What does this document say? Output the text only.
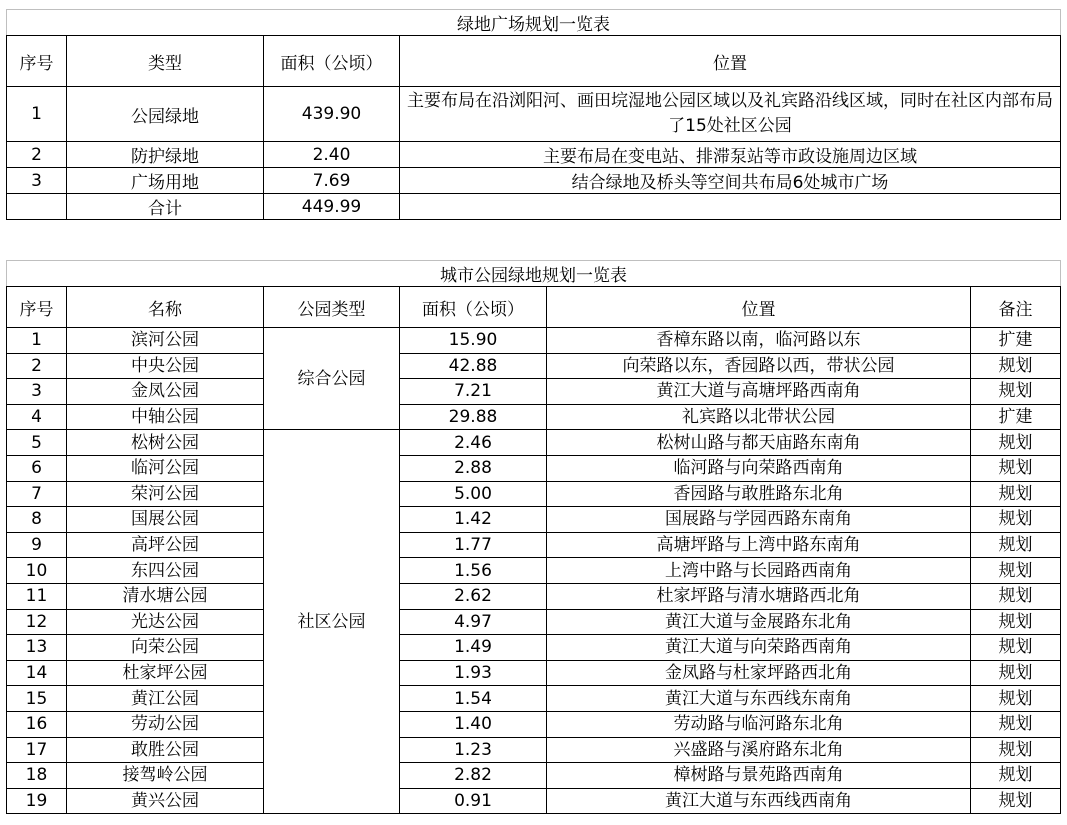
绿地广场规划一览表			
序号	类型	面积（公顷）	位置
1	公园绿地	439.90	主要布局在沿浏阳河、画田垸湿地公园区域以及礼宾路沿线区域，同时在社区内部布局了15处社区公园
2	防护绿地	2.40	主要布局在变电站、排滞泵站等市政设施周边区域
3	广场用地	7.69	结合绿地及桥头等空间共布局6处城市广场
	合计	449.99	
城市公园绿地规划一览表					
序号	名称	公园类型	面积（公顷）	位置	备注
1	滨河公园	综合公园	15.90	香樟东路以南，临河路以东	扩建
2	中央公园		42.88	向荣路以东，香园路以西，带状公园	规划
3	金凤公园		7.21	黄江大道与高塘坪路西南角	规划
4	中轴公园		29.88	礼宾路以北带状公园	扩建
5	松树公园	社区公园	2.46	松树山路与都天庙路东南角	规划
6	临河公园		2.88	临河路与向荣路西南角	规划
7	荣河公园		5.00	香园路与敢胜路东北角	规划
8	国展公园		1.42	国展路与学园西路东南角	规划
9	高坪公园		1.77	高塘坪路与上湾中路东南角	规划
10	东四公园		1.56	上湾中路与长园路西南角	规划
11	清水塘公园		2.62	杜家坪路与清水塘路西北角	规划
12	光达公园		4.97	黄江大道与金展路东北角	规划
13	向荣公园		1.49	黄江大道与向荣路西南角	规划
14	杜家坪公园		1.93	金凤路与杜家坪路西北角	规划
15	黄江公园		1.54	黄江大道与东西线东南角	规划
16	劳动公园		1.40	劳动路与临河路东北角	规划
17	敢胜公园		1.23	兴盛路与溪府路东北角	规划
18	接驾岭公园		2.82	樟树路与景苑路西南角	规划
19	黄兴公园		0.91	黄江大道与东西线西南角	规划
